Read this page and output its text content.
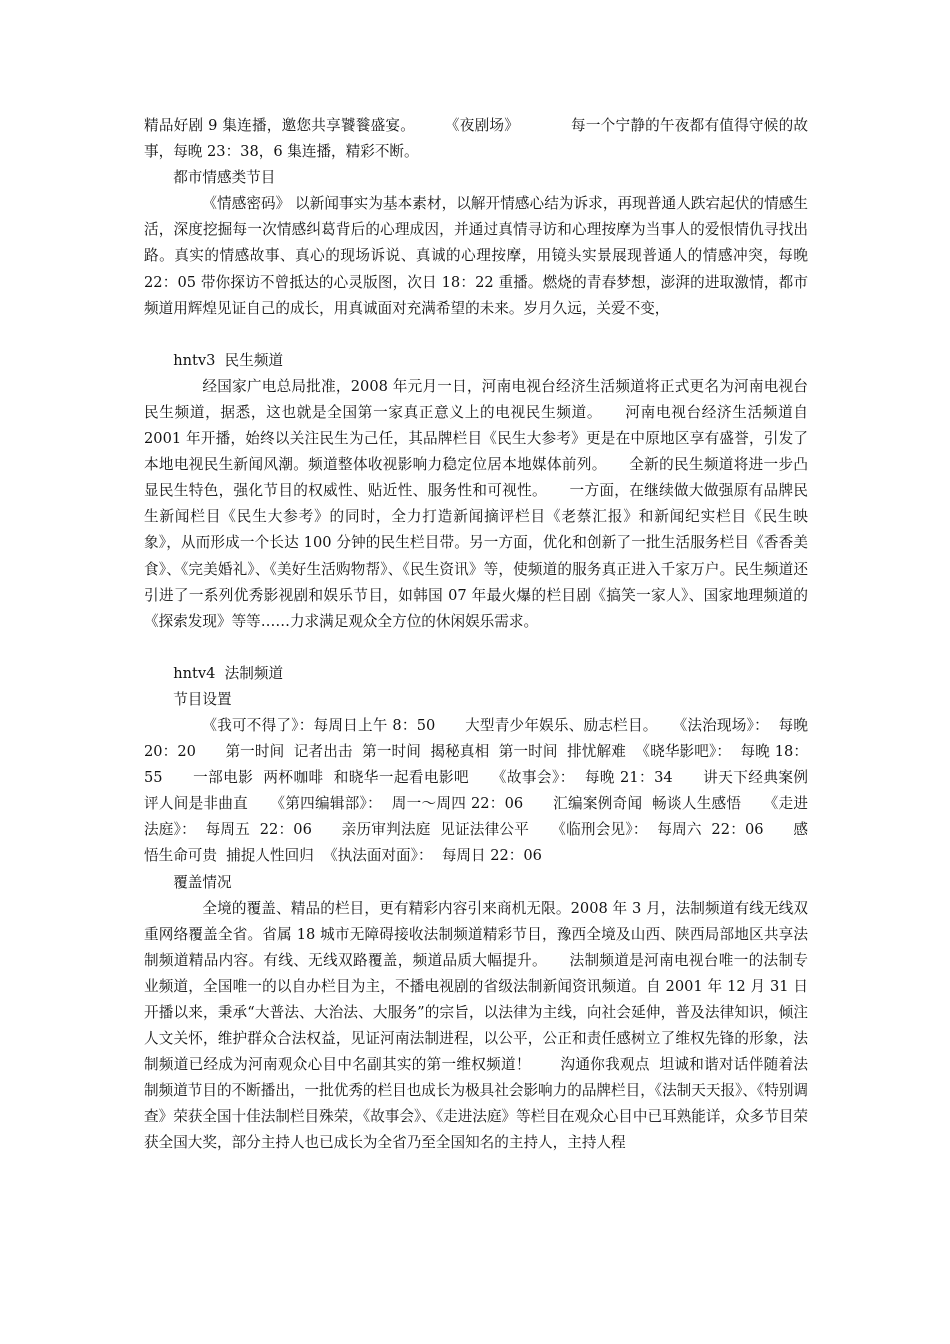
精品好剧 9 集连播，邀您共享饕餮盛宴。　　　《夜剧场》　　　　每一个宁静的午夜都有值得守候的故事，每晚 23：38，6 集连播，精彩不断。

都市情感类节目

《情感密码》 以新闻事实为基本素材，以解开情感心结为诉求，再现普通人跌宕起伏的情感生活，深度挖掘每一次情感纠葛背后的心理成因，并通过真情寻访和心理按摩为当事人的爱恨情仇寻找出路。真实的情感故事、真心的现场诉说、真诚的心理按摩，用镜头实景展现普通人的情感冲突，每晚 22：05 带你探访不曾抵达的心灵版图，次日 18：22 重播。燃烧的青春梦想，澎湃的进取激情，都市频道用辉煌见证自己的成长，用真诚面对充满希望的未来。岁月久远，关爱不变，

hntv3  民生频道

经国家广电总局批准，2008 年元月一日，河南电视台经济生活频道将正式更名为河南电视台民生频道，据悉，这也就是全国第一家真正意义上的电视民生频道。　　河南电视台经济生活频道自 2001 年开播，始终以关注民生为己任，其品牌栏目《民生大参考》更是在中原地区享有盛誉，引发了本地电视民生新闻风潮。频道整体收视影响力稳定位居本地媒体前列。　　全新的民生频道将进一步凸显民生特色，强化节目的权威性、贴近性、服务性和可视性。　　一方面，在继续做大做强原有品牌民生新闻栏目《民生大参考》的同时，全力打造新闻摘评栏目《老蔡汇报》和新闻纪实栏目《民生映象》，从而形成一个长达 100 分钟的民生栏目带。另一方面，优化和创新了一批生活服务栏目《香香美食》、《完美婚礼》、《美好生活购物帮》、《民生资讯》等，使频道的服务真正进入千家万户。民生频道还引进了一系列优秀影视剧和娱乐节目，如韩国 07 年最火爆的栏目剧《搞笑一家人》、国家地理频道的《探索发现》等等……力求满足观众全方位的休闲娱乐需求。

hntv4  法制频道

节目设置

《我可不得了》：每周日上午 8：50　　大型青少年娱乐、励志栏目。　　《法治现场》：  每晚  20：20　　第一时间  记者出击  第一时间  揭秘真相  第一时间  排忧解难  《晓华影吧》：  每晚 18：55　　一部电影  两杯咖啡  和晓华一起看电影吧　　《故事会》：  每晚 21：34　　讲天下经典案例  评人间是非曲直　　《第四编辑部》：  周一～周四 22：06　　汇编案例奇闻  畅谈人生感悟　　《走进法庭》：  每周五  22：06　　亲历审判法庭  见证法律公平　　《临刑会见》：  每周六  22：06　　感悟生命可贵  捕捉人性回归  《执法面对面》：  每周日 22：06

覆盖情况

全境的覆盖、精品的栏目，更有精彩内容引来商机无限。2008 年 3 月，法制频道有线无线双重网络覆盖全省。省属 18 城市无障碍接收法制频道精彩节目，豫西全境及山西、陕西局部地区共享法制频道精品内容。有线、无线双路覆盖，频道品质大幅提升。　　法制频道是河南电视台唯一的法制专业频道，全国唯一的以自办栏目为主，不播电视剧的省级法制新闻资讯频道。自 2001 年 12 月 31 日开播以来，秉承“大普法、大治法、大服务”的宗旨，以法律为主线，向社会延伸，普及法律知识，倾注人文关怀，维护群众合法权益，见证河南法制进程，以公平，公正和责任感树立了维权先锋的形象，法制频道已经成为河南观众心目中名副其实的第一维权频道！　　沟通你我观点  坦诚和谐对话伴随着法制频道节目的不断播出，一批优秀的栏目也成长为极具社会影响力的品牌栏目，《法制天天报》、《特别调查》荣获全国十佳法制栏目殊荣，《故事会》、《走进法庭》等栏目在观众心目中已耳熟能详，众多节目荣获全国大奖，部分主持人也已成长为全省乃至全国知名的主持人，主持人程
